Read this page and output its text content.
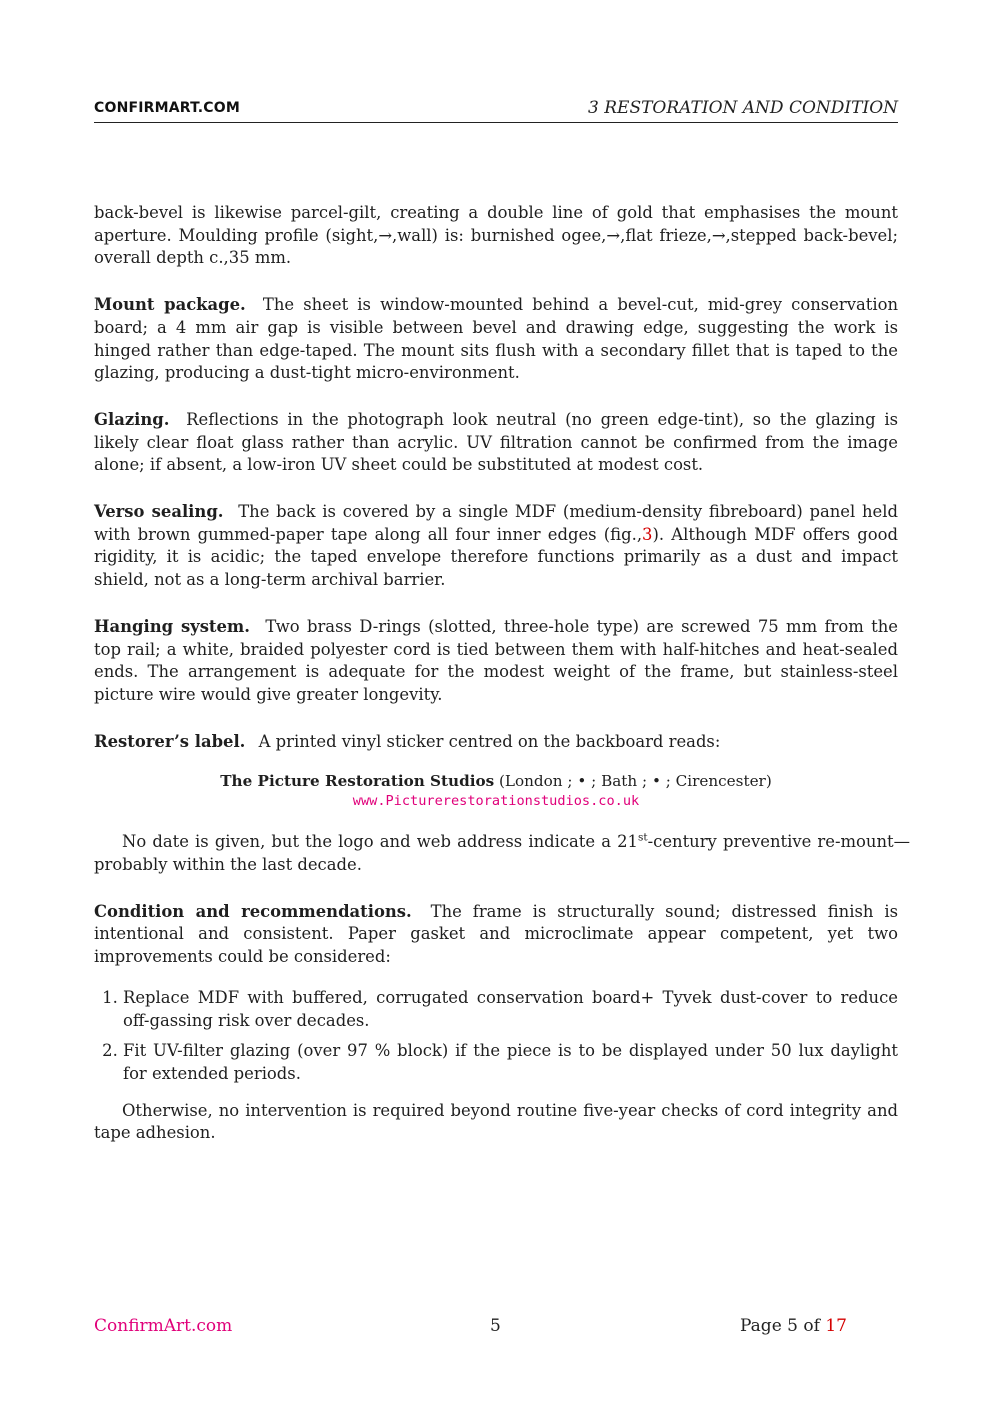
CONFIRMART.COM	3 RESTORATION AND CONDITION

back-bevel is likewise parcel-gilt, creating a double line of gold that emphasises the mount aperture. Moulding profile (sight,→,wall) is: burnished ogee,→,flat frieze,→,stepped back-bevel; overall depth c.,35 mm.

Mount package. The sheet is window-mounted behind a bevel-cut, mid-grey conservation board; a 4 mm air gap is visible between bevel and drawing edge, suggesting the work is hinged rather than edge-taped. The mount sits flush with a secondary fillet that is taped to the glazing, producing a dust-tight micro-environment.

Glazing. Reflections in the photograph look neutral (no green edge-tint), so the glazing is likely clear float glass rather than acrylic. UV filtration cannot be confirmed from the image alone; if absent, a low-iron UV sheet could be substituted at modest cost.

Verso sealing. The back is covered by a single MDF (medium-density fibreboard) panel held with brown gummed-paper tape along all four inner edges (fig.,3). Although MDF offers good rigidity, it is acidic; the taped envelope therefore functions primarily as a dust and impact shield, not as a long-term archival barrier.

Hanging system. Two brass D-rings (slotted, three-hole type) are screwed 75 mm from the top rail; a white, braided polyester cord is tied between them with half-hitches and heat-sealed ends. The arrangement is adequate for the modest weight of the frame, but stainless-steel picture wire would give greater longevity.

Restorer’s label. A printed vinyl sticker centred on the backboard reads:

The Picture Restoration Studios (London ; • ; Bath ; • ; Cirencester)
www.Picturerestorationstudios.co.uk

No date is given, but the logo and web address indicate a 21st-century preventive re-mount—probably within the last decade.

Condition and recommendations. The frame is structurally sound; distressed finish is intentional and consistent. Paper gasket and microclimate appear competent, yet two improvements could be considered:

1. Replace MDF with buffered, corrugated conservation board+ Tyvek dust-cover to reduce off-gassing risk over decades.
2. Fit UV-filter glazing (over 97 % block) if the piece is to be displayed under 50 lux daylight for extended periods.

Otherwise, no intervention is required beyond routine five-year checks of cord integrity and tape adhesion.

ConfirmArt.com	5	Page 5 of 17
